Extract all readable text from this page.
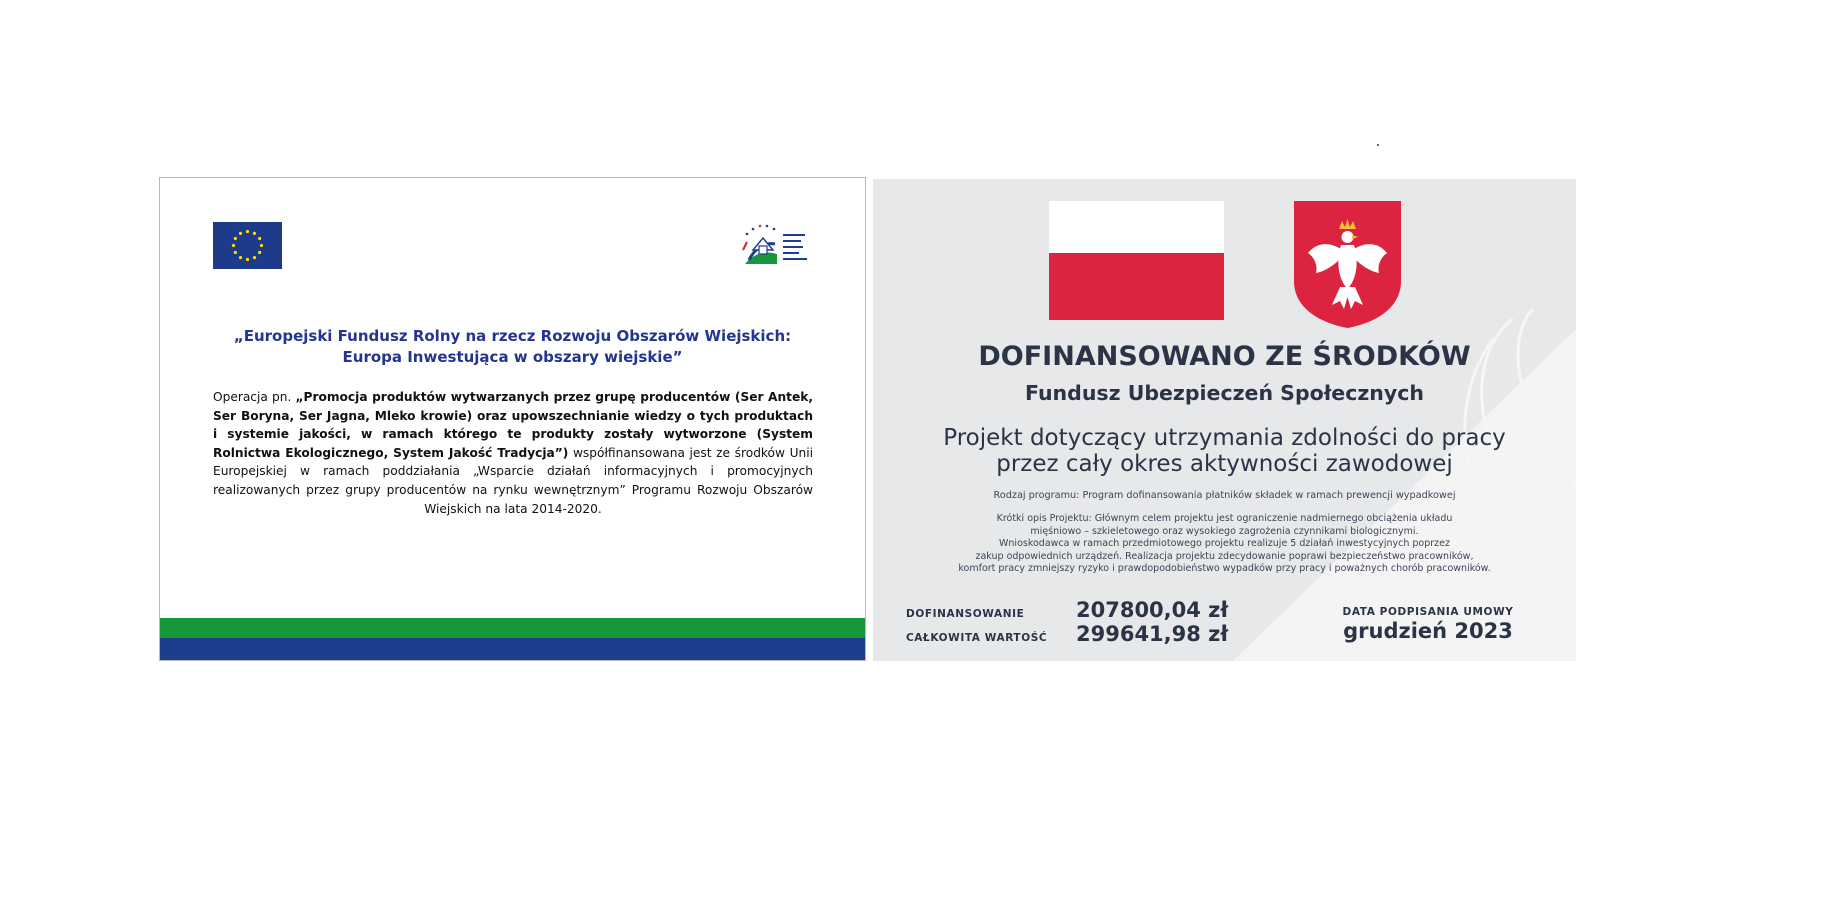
„Europejski Fundusz Rolny na rzecz Rozwoju Obszarów Wiejskich:
Europa Inwestująca w obszary wiejskie”
Operacja pn. „Promocja produktów wytwarzanych przez grupę producentów (Ser Antek, Ser Boryna, Ser Jagna, Mleko krowie) oraz upowszechnianie wiedzy o tych produktach i systemie jakości, w ramach którego te produkty zostały wytworzone (System Rolnictwa Ekologicznego, System Jakość Tradycja”) współfinansowana jest ze środków Unii Europejskiej w ramach poddziałania „Wsparcie działań informacyjnych i promocyjnych realizowanych przez grupy producentów na rynku wewnętrznym” Programu Rozwoju Obszarów Wiejskich na lata 2014-2020.
DOFINANSOWANO ZE ŚRODKÓW
Fundusz Ubezpieczeń Społecznych
Projekt dotyczący utrzymania zdolności do pracy
przez cały okres aktywności zawodowej
Rodzaj programu: Program dofinansowania płatników składek w ramach prewencji wypadkowej
Krótki opis Projektu: Głównym celem projektu jest ograniczenie nadmiernego obciążenia układu
mięśniowo – szkieletowego oraz wysokiego zagrożenia czynnikami biologicznymi.
Wnioskodawca w ramach przedmiotowego projektu realizuje 5 działań inwestycyjnych poprzez
zakup odpowiednich urządzeń. Realizacja projektu zdecydowanie poprawi bezpieczeństwo pracowników,
komfort pracy zmniejszy ryzyko i prawdopodobieństwo wypadków przy pracy i poważnych chorób pracowników.
DOFINANSOWANIE 207800,04 zł
CAŁKOWITA WARTOŚĆ 299641,98 zł
DATA PODPISANIA UMOWY
grudzień 2023
